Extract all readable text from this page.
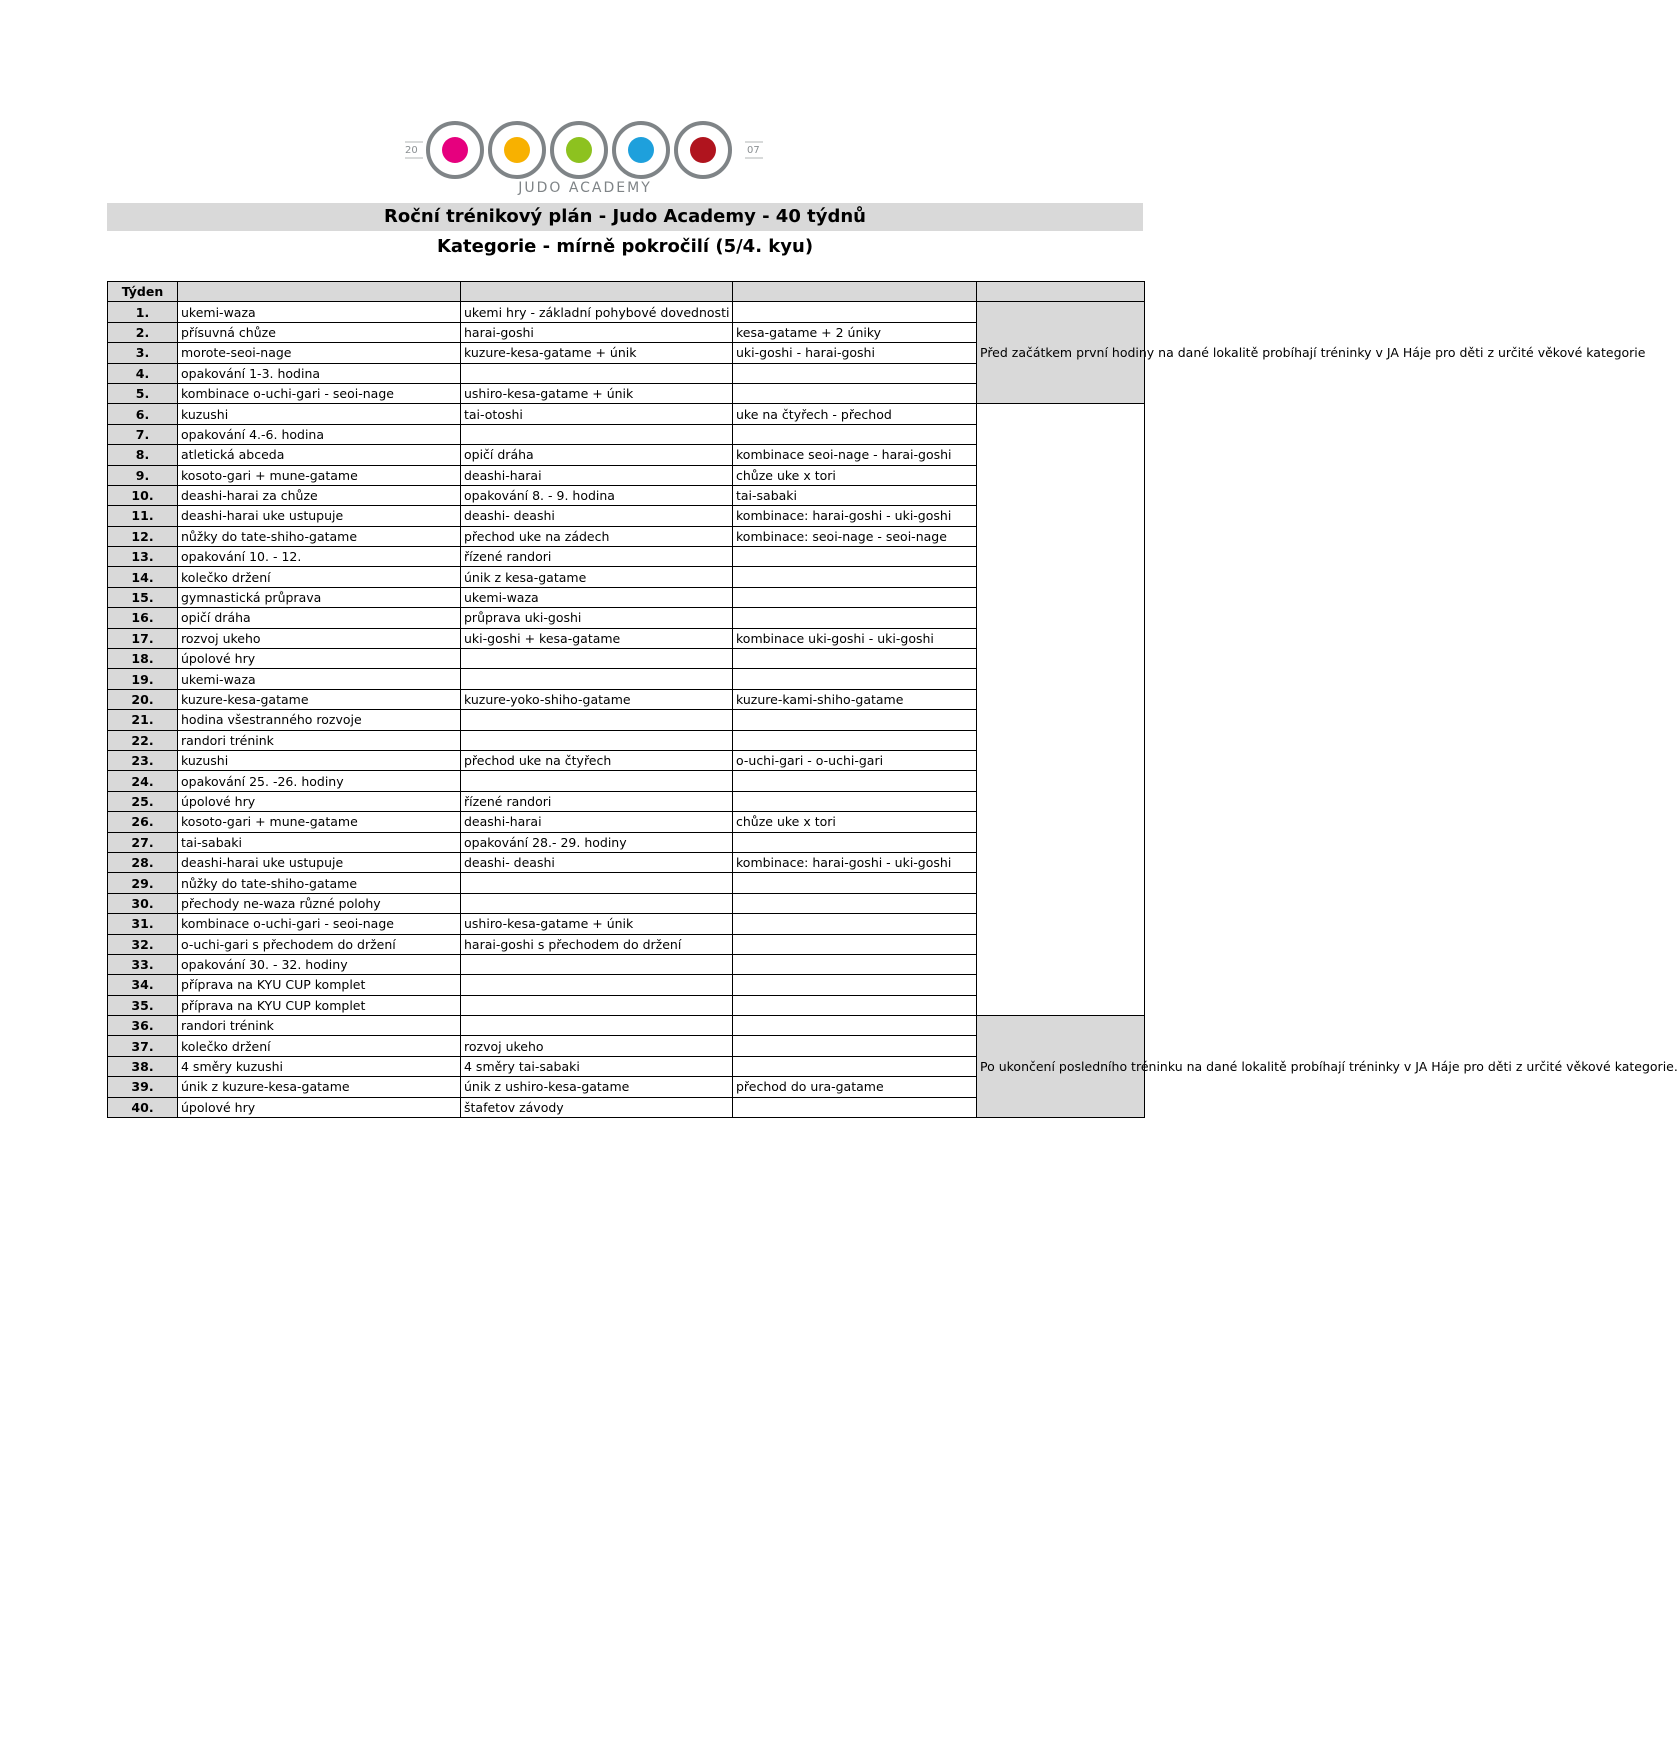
20	07
JUDO ACADEMY
Roční trénikový plán - Judo Academy - 40 týdnů
Kategorie - mírně pokročilí (5/4. kyu)
Týden				
1.	ukemi-waza	ukemi hry - základní pohybové dovednosti		Před začátkem první hodiny na dané lokalitě probíhají tréninky v JA Háje pro děti z určité věkové kategorie
2.	přísuvná chůze	harai-goshi	kesa-gatame + 2 úniky	
3.	morote-seoi-nage	kuzure-kesa-gatame + únik	uki-goshi - harai-goshi	
4.	opakování 1-3. hodina			
5.	kombinace o-uchi-gari - seoi-nage	ushiro-kesa-gatame + únik		
6.	kuzushi	tai-otoshi	uke na čtyřech - přechod	
7.	opakování 4.-6. hodina			
8.	atletická abceda	opičí dráha	kombinace seoi-nage - harai-goshi	
9.	kosoto-gari + mune-gatame	deashi-harai	chůze uke x tori	
10.	deashi-harai za chůze	opakování 8. - 9. hodina	tai-sabaki	
11.	deashi-harai uke ustupuje	deashi- deashi	kombinace: harai-goshi - uki-goshi	
12.	nůžky do tate-shiho-gatame	přechod uke na zádech	kombinace: seoi-nage - seoi-nage	
13.	opakování 10. - 12.	řízené randori		
14.	kolečko držení	únik z kesa-gatame		
15.	gymnastická průprava	ukemi-waza		
16.	opičí dráha	průprava uki-goshi		
17.	rozvoj ukeho	uki-goshi + kesa-gatame	kombinace uki-goshi - uki-goshi	
18.	úpolové hry			
19.	ukemi-waza			
20.	kuzure-kesa-gatame	kuzure-yoko-shiho-gatame	kuzure-kami-shiho-gatame	
21.	hodina všestranného rozvoje			
22.	randori trénink			
23.	kuzushi	přechod uke na čtyřech	o-uchi-gari - o-uchi-gari	
24.	opakování 25. -26. hodiny			
25.	úpolové hry	řízené randori		
26.	kosoto-gari + mune-gatame	deashi-harai	chůze uke x tori	
27.	tai-sabaki	opakování 28.- 29. hodiny		
28.	deashi-harai uke ustupuje	deashi- deashi	kombinace: harai-goshi - uki-goshi	
29.	nůžky do tate-shiho-gatame			
30.	přechody ne-waza různé polohy			
31.	kombinace o-uchi-gari - seoi-nage	ushiro-kesa-gatame + únik		
32.	o-uchi-gari s přechodem do držení	harai-goshi s přechodem do držení		
33.	opakování 30. - 32. hodiny			
34.	příprava na KYU CUP komplet			
35.	příprava na KYU CUP komplet			
36.	randori trénink			Po ukončení posledního tréninku na dané lokalitě probíhají tréninky v JA Háje pro děti z určité věkové kategorie.
37.	kolečko držení	rozvoj ukeho		
38.	4 směry kuzushi	4 směry tai-sabaki		
39.	únik z kuzure-kesa-gatame	únik z ushiro-kesa-gatame	přechod do ura-gatame	
40.	úpolové hry	štafetov závody		
